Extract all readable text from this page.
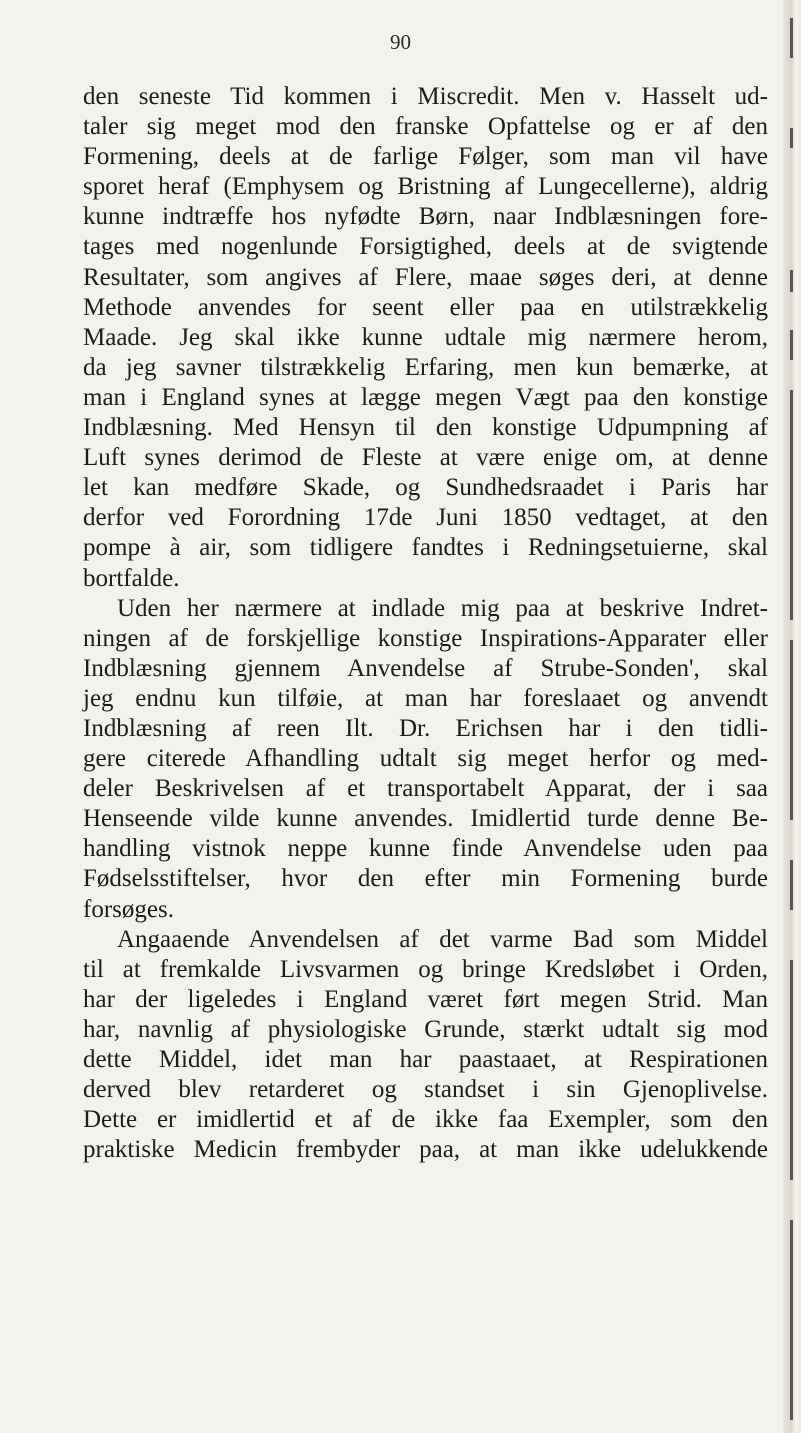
90
den seneste Tid kommen i Miscredit. Men v. Hasselt ud-
taler sig meget mod den franske Opfattelse og er af den
Formening, deels at de farlige Følger, som man vil have
sporet heraf (Emphysem og Bristning af Lungecellerne), aldrig
kunne indtræffe hos nyfødte Børn, naar Indblæsningen fore-
tages med nogenlunde Forsigtighed, deels at de svigtende
Resultater, som angives af Flere, maae søges deri, at denne
Methode anvendes for seent eller paa en utilstrækkelig
Maade. Jeg skal ikke kunne udtale mig nærmere herom,
da jeg savner tilstrækkelig Erfaring, men kun bemærke, at
man i England synes at lægge megen Vægt paa den konstige
Indblæsning. Med Hensyn til den konstige Udpumpning af
Luft synes derimod de Fleste at være enige om, at denne
let kan medføre Skade, og Sundhedsraadet i Paris har
derfor ved Forordning 17de Juni 1850 vedtaget, at den
pompe à air, som tidligere fandtes i Redningsetuierne, skal
bortfalde.
Uden her nærmere at indlade mig paa at beskrive Indret-
ningen af de forskjellige konstige Inspirations-Apparater eller
Indblæsning gjennem Anvendelse af Strube-Sonden', skal
jeg endnu kun tilføie, at man har foreslaaet og anvendt
Indblæsning af reen Ilt. Dr. Erichsen har i den tidli-
gere citerede Afhandling udtalt sig meget herfor og med-
deler Beskrivelsen af et transportabelt Apparat, der i saa
Henseende vilde kunne anvendes. Imidlertid turde denne Be-
handling vistnok neppe kunne finde Anvendelse uden paa
Fødselsstiftelser, hvor den efter min Formening burde
forsøges.
Angaaende Anvendelsen af det varme Bad som Middel
til at fremkalde Livsvarmen og bringe Kredsløbet i Orden,
har der ligeledes i England været ført megen Strid. Man
har, navnlig af physiologiske Grunde, stærkt udtalt sig mod
dette Middel, idet man har paastaaet, at Respirationen
derved blev retarderet og standset i sin Gjenoplivelse.
Dette er imidlertid et af de ikke faa Exempler, som den
praktiske Medicin frembyder paa, at man ikke udelukkende
